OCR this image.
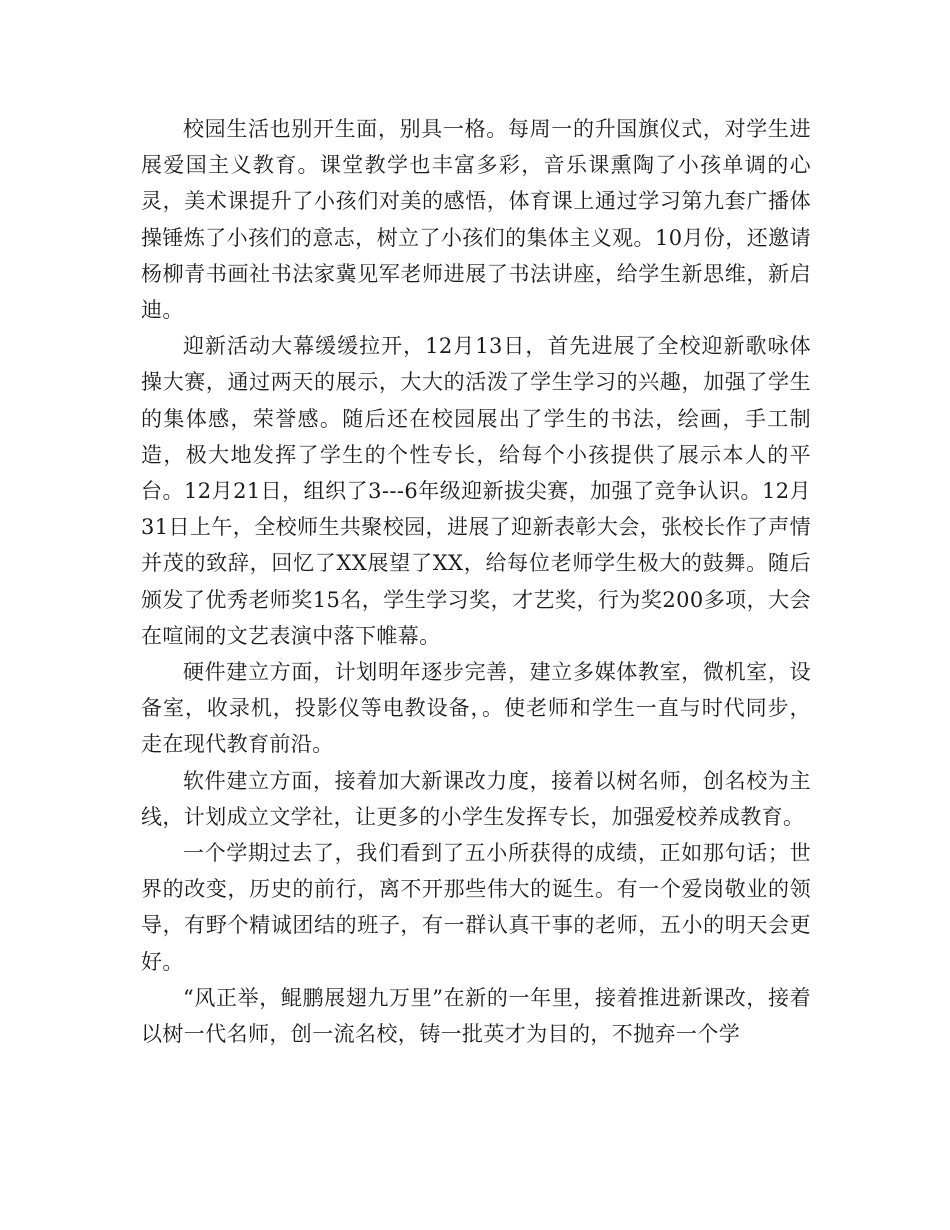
校园生活也别开生面，别具一格。每周一的升国旗仪式，对学生进展爱国主义教育。课堂教学也丰富多彩，音乐课熏陶了小孩单调的心灵，美术课提升了小孩们对美的感悟，体育课上通过学习第九套广播体操锤炼了小孩们的意志，树立了小孩们的集体主义观。10月份，还邀请杨柳青书画社书法家冀见军老师进展了书法讲座，给学生新思维，新启迪。

迎新活动大幕缓缓拉开，12月13日，首先进展了全校迎新歌咏体操大赛，通过两天的展示，大大的活泼了学生学习的兴趣，加强了学生的集体感，荣誉感。随后还在校园展出了学生的书法，绘画，手工制造，极大地发挥了学生的个性专长，给每个小孩提供了展示本人的平台。12月21日，组织了3---6年级迎新拔尖赛，加强了竞争认识。12月31日上午，全校师生共聚校园，进展了迎新表彰大会，张校长作了声情并茂的致辞，回忆了XX展望了XX，给每位老师学生极大的鼓舞。随后颁发了优秀老师奖15名，学生学习奖，才艺奖，行为奖200多项，大会在喧闹的文艺表演中落下帷幕。

硬件建立方面，计划明年逐步完善，建立多媒体教室，微机室，设备室，收录机，投影仪等电教设备，。使老师和学生一直与时代同步，走在现代教育前沿。

软件建立方面，接着加大新课改力度，接着以树名师，创名校为主线，计划成立文学社，让更多的小学生发挥专长，加强爱校养成教育。

一个学期过去了，我们看到了五小所获得的成绩，正如那句话；世界的改变，历史的前行，离不开那些伟大的诞生。有一个爱岗敬业的领导，有野个精诚团结的班子，有一群认真干事的老师，五小的明天会更好。

“风正举，鲲鹏展翅九万里”在新的一年里，接着推进新课改，接着以树一代名师，创一流名校，铸一批英才为目的，不抛弃一个学
